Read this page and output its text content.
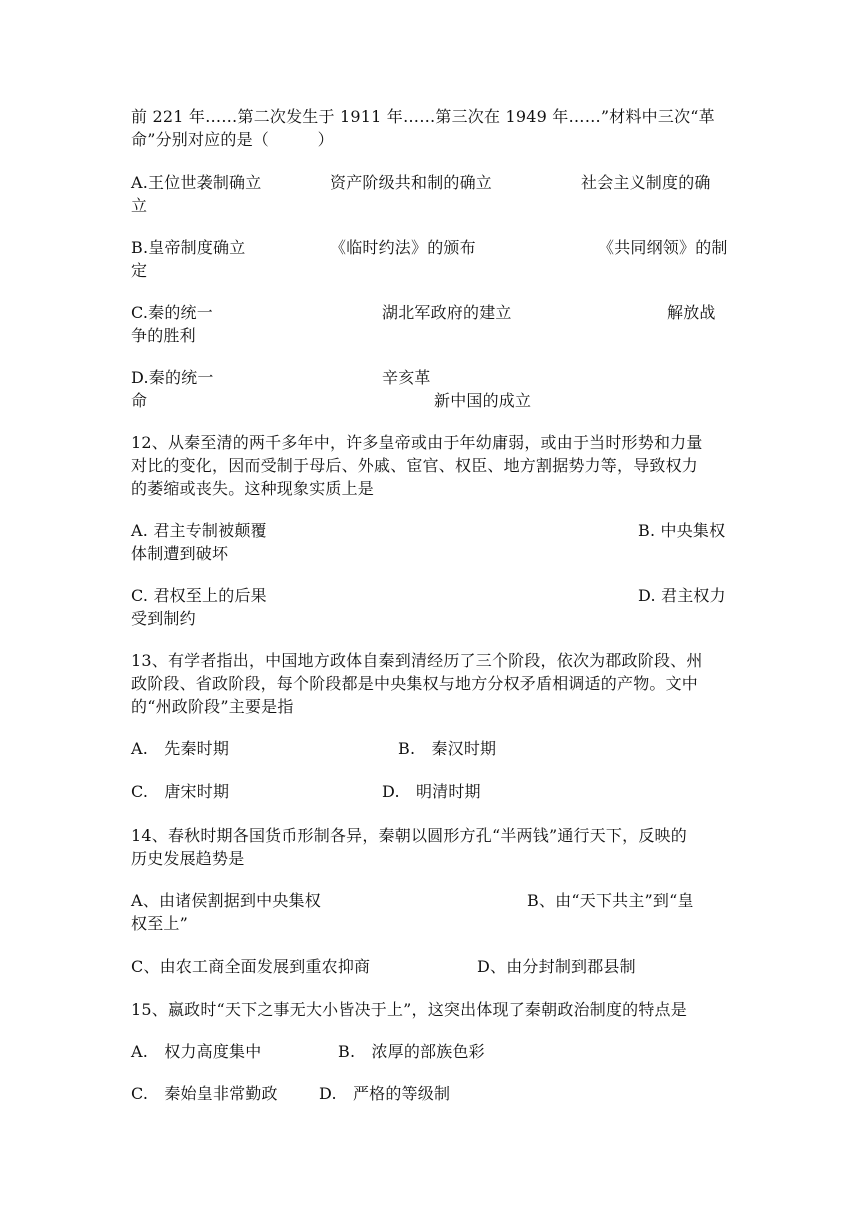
前 221 年……第二次发生于 1911 年……第三次在 1949 年……”材料中三次“革

命”分别对应的是（　　　）

A.王位世袭制确立	资产阶级共和制的确立	社会主义制度的确

立

B.皇帝制度确立	《临时约法》的颁布	《共同纲领》的制

定

C.秦的统一	湖北军政府的建立	解放战

争的胜利

D.秦的统一	辛亥革

命	新中国的成立

12、从秦至清的两千多年中，许多皇帝或由于年幼庸弱，或由于当时形势和力量

对比的变化，因而受制于母后、外戚、宦官、权臣、地方割据势力等，导致权力

的萎缩或丧失。这种现象实质上是

A. 君主专制被颠覆	B. 中央集权

体制遭到破坏

C. 君权至上的后果	D. 君主权力

受到制约

13、有学者指出，中国地方政体自秦到清经历了三个阶段，依次为郡政阶段、州

政阶段、省政阶段，每个阶段都是中央集权与地方分权矛盾相调适的产物。文中

的“州政阶段”主要是指

A.　先秦时期	B.　秦汉时期

C.　唐宋时期	D.　明清时期

14、春秋时期各国货币形制各异，秦朝以圆形方孔“半两钱”通行天下，反映的

历史发展趋势是

A、由诸侯割据到中央集权	B、由“天下共主”到“皇

权至上”

C、由农工商全面发展到重农抑商	D、由分封制到郡县制

15、嬴政时“天下之事无大小皆决于上”，这突出体现了秦朝政治制度的特点是

A.　权力高度集中	B.　浓厚的部族色彩

C.　秦始皇非常勤政	D.　严格的等级制
